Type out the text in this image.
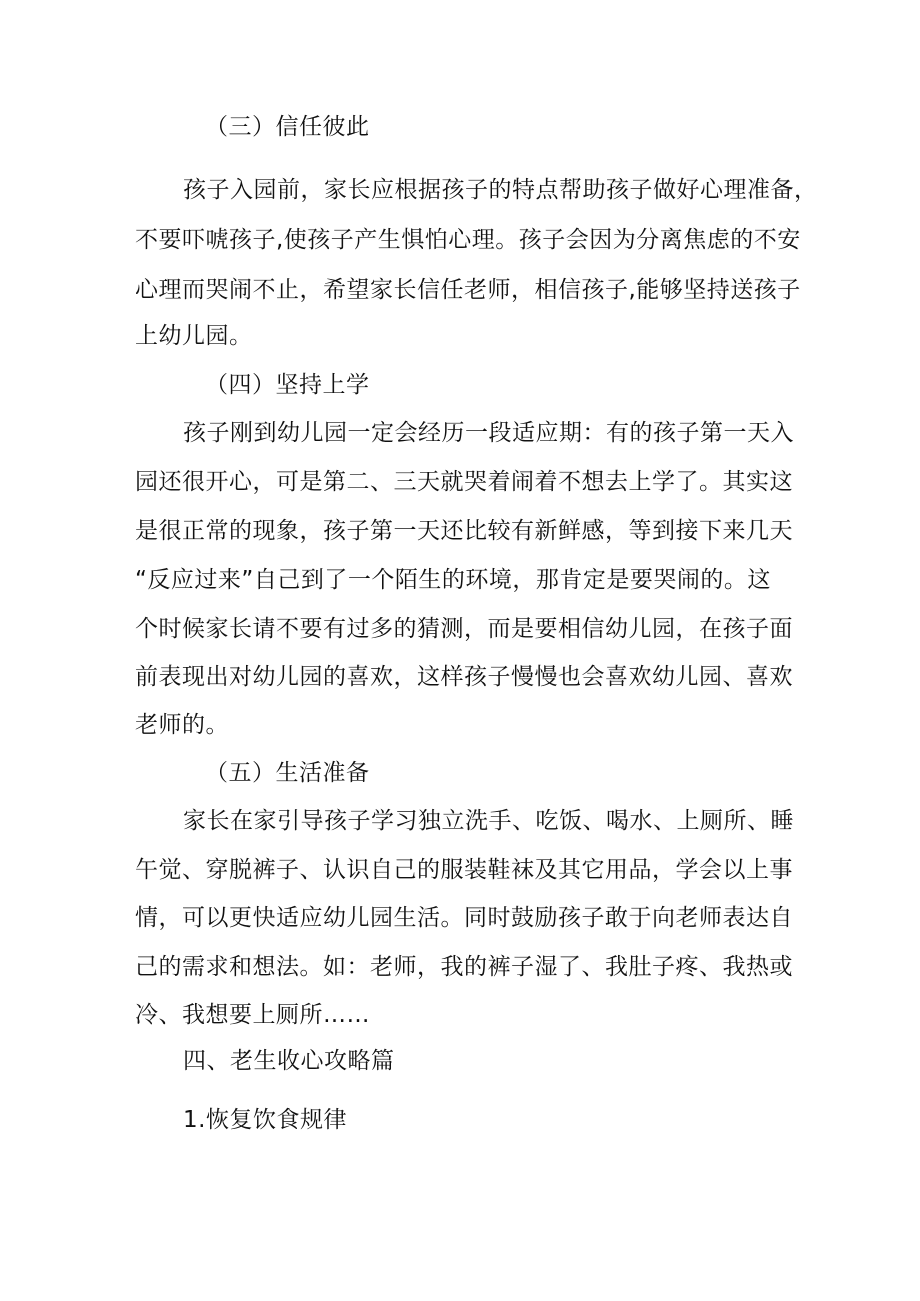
（三）信任彼此
孩子入园前，家长应根据孩子的特点帮助孩子做好心理准备，
不要吓唬孩子,使孩子产生惧怕心理。孩子会因为分离焦虑的不安
心理而哭闹不止，希望家长信任老师，相信孩子,能够坚持送孩子
上幼儿园。
（四）坚持上学
孩子刚到幼儿园一定会经历一段适应期：有的孩子第一天入
园还很开心，可是第二、三天就哭着闹着不想去上学了。其实这
是很正常的现象，孩子第一天还比较有新鲜感，等到接下来几天
“反应过来”自己到了一个陌生的环境，那肯定是要哭闹的。这
个时候家长请不要有过多的猜测，而是要相信幼儿园，在孩子面
前表现出对幼儿园的喜欢，这样孩子慢慢也会喜欢幼儿园、喜欢
老师的。
（五）生活准备
家长在家引导孩子学习独立洗手、吃饭、喝水、上厕所、睡
午觉、穿脱裤子、认识自己的服装鞋袜及其它用品，学会以上事
情，可以更快适应幼儿园生活。同时鼓励孩子敢于向老师表达自
己的需求和想法。如：老师，我的裤子湿了、我肚子疼、我热或
冷、我想要上厕所……
四、老生收心攻略篇
1.恢复饮食规律
